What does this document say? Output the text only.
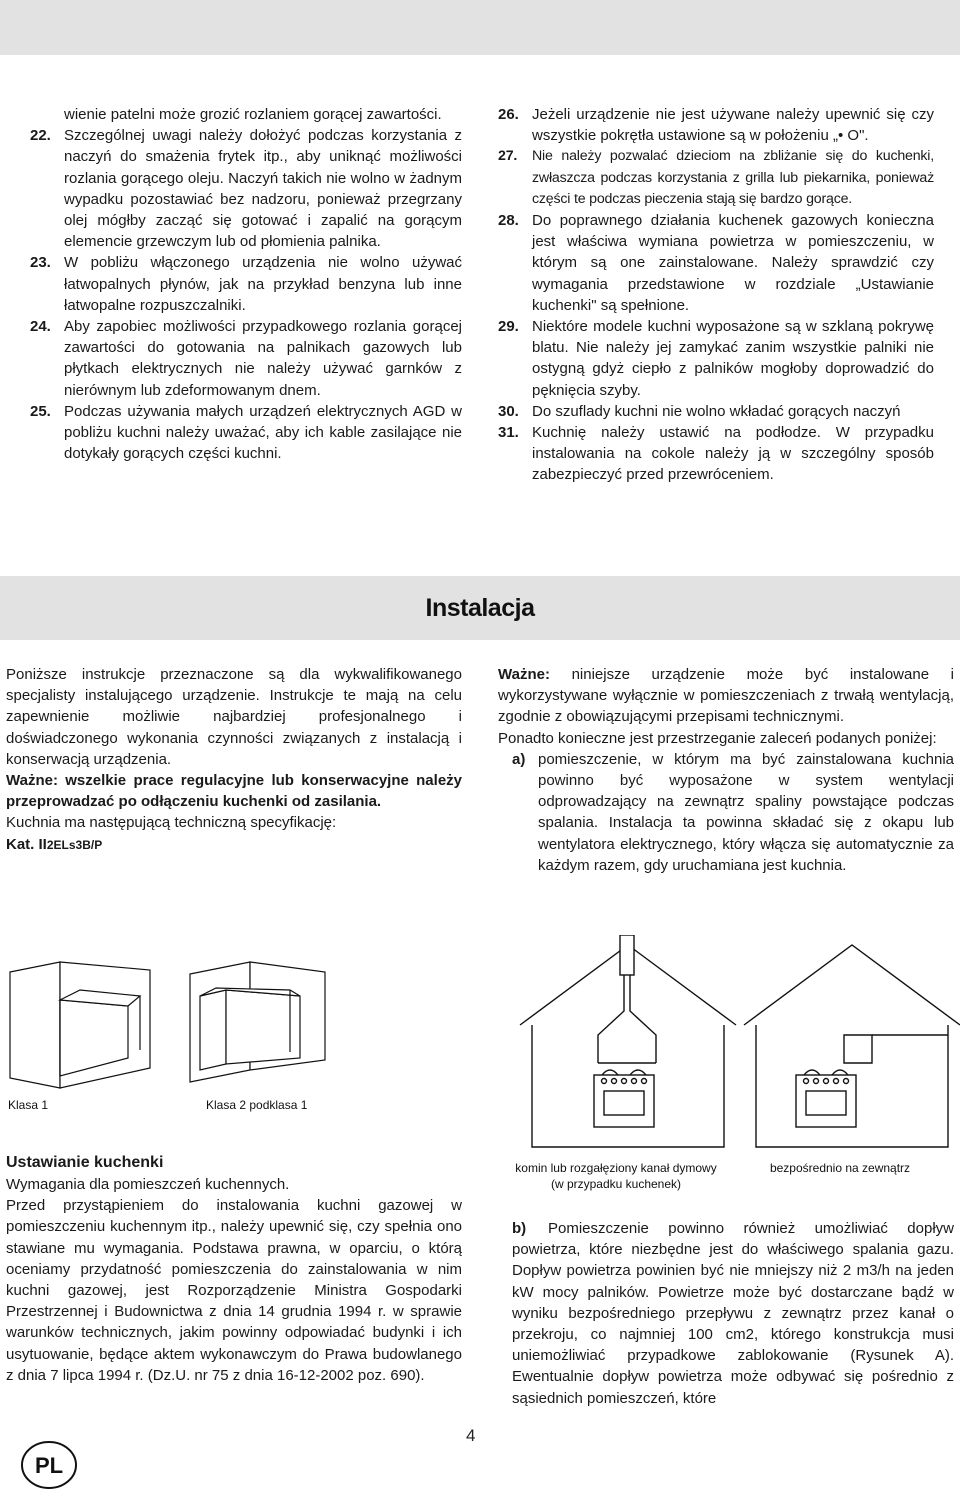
wienie patelni może grozić rozlaniem gorącej zawartości.

22. Szczególnej uwagi należy dołożyć podczas korzystania z naczyń do smażenia frytek itp., aby uniknąć możliwości rozlania gorącego oleju. Naczyń takich nie wolno w żadnym wypadku pozostawiać bez nadzoru, ponieważ przegrzany olej mógłby zacząć się gotować i zapalić na gorącym elemencie grzewczym lub od płomienia palnika.
23. W pobliżu włączonego urządzenia nie wolno używać łatwopalnych płynów, jak na przykład benzyna lub inne łatwopalne rozpuszczalniki.
24. Aby zapobiec możliwości przypadkowego rozlania gorącej zawartości do gotowania na palnikach gazowych lub płytkach elektrycznych nie należy używać garnków z nierównym lub zdeformowanym dnem.
25. Podczas używania małych urządzeń elektrycznych AGD w pobliżu kuchni należy uważać, aby ich kable zasilające nie dotykały gorących części kuchni.
26. Jeżeli urządzenie nie jest używane należy upewnić się czy wszystkie pokrętła ustawione są w położeniu „• O".
27.	Nie należy pozwalać dzieciom na zbliżanie się do kuchenki, zwłaszcza podczas korzystania z grilla lub piekarnika, ponieważ części te podczas pieczenia stają się bardzo gorące.
28. Do poprawnego działania kuchenek gazowych konieczna jest właściwa wymiana powietrza w pomieszczeniu, w którym są one zainstalowane. Należy sprawdzić czy wymagania przedstawione w rozdziale „Ustawianie kuchenki" są spełnione.
29. Niektóre modele kuchni wyposażone są w szklaną pokrywę blatu. Nie należy jej zamykać zanim wszystkie palniki nie ostygną gdyż ciepło z palników mogłoby doprowadzić do pęknięcia szyby.
30. Do szuflady kuchni nie wolno wkładać gorących naczyń
31. Kuchnię należy ustawić na podłodze. W przypadku instalowania na cokole należy ją w szczególny sposób zabezpieczyć przed przewróceniem.
Instalacja

Poniższe instrukcje przeznaczone są dla wykwalifikowanego specjalisty instalującego urządzenie. Instrukcje te mają na celu zapewnienie możliwie najbardziej profesjonalnego i doświadczonego wykonania czynności związanych z instalacją i konserwacją urządzenia.

Ważne: wszelkie prace regulacyjne lub konserwacyjne należy przeprowadzać po odłączeniu kuchenki od zasilania.

Kuchnia ma następującą techniczną specyfikację:

Kat. II2ELs3B/P

Ważne: niniejsze urządzenie może być instalowane i wykorzystywane wyłącznie w pomieszczeniach z trwałą wentylacją, zgodnie z obowiązującymi przepisami technicznymi.

Ponadto konieczne jest przestrzeganie zaleceń podanych poniżej:

a) pomieszczenie, w którym ma być zainstalowana kuchnia powinno być wyposażone w system wentylacji odprowadzający na zewnątrz spaliny powstające podczas spalania. Instalacja ta powinna składać się z okapu lub wentylatora elektrycznego, który włącza się automatycznie za każdym razem, gdy uruchamiana jest kuchnia.
Klasa 1	Klasa 2 podklasa 1
komin lub rozgałęziony kanał dymowy (w przypadku kuchenek)
bezpośrednio na zewnątrz

Ustawianie kuchenki

Wymagania dla pomieszczeń kuchennych.

Przed przystąpieniem do instalowania kuchni gazowej w pomieszczeniu kuchennym itp., należy upewnić się, czy spełnia ono stawiane mu wymagania. Podstawa prawna, w oparciu, o którą oceniamy przydatność pomieszczenia do zainstalowania w nim kuchni gazowej, jest Rozporządzenie Ministra Gospodarki Przestrzennej i Budownictwa z dnia 14 grudnia 1994 r. w sprawie warunków technicznych, jakim powinny odpowiadać budynki i ich usytuowanie, będące aktem wykonawczym do Prawa budowlanego z dnia 7 lipca 1994 r. (Dz.U. nr 75 z dnia 16-12-2002 poz. 690).

b) Pomieszczenie powinno również umożliwiać dopływ powietrza, które niezbędne jest do właściwego spalania gazu. Dopływ powietrza powinien być nie mniejszy niż 2 m3/h na jeden kW mocy palników. Powietrze może być dostarczane bądź w wyniku bezpośredniego przepływu z zewnątrz przez kanał o przekroju, co najmniej 100 cm2, którego konstrukcja musi uniemożliwiać przypadkowe zablokowanie (Rysunek A). Ewentualnie dopływ powietrza może odbywać się pośrednio z sąsiednich pomieszczeń, które

PL
4
